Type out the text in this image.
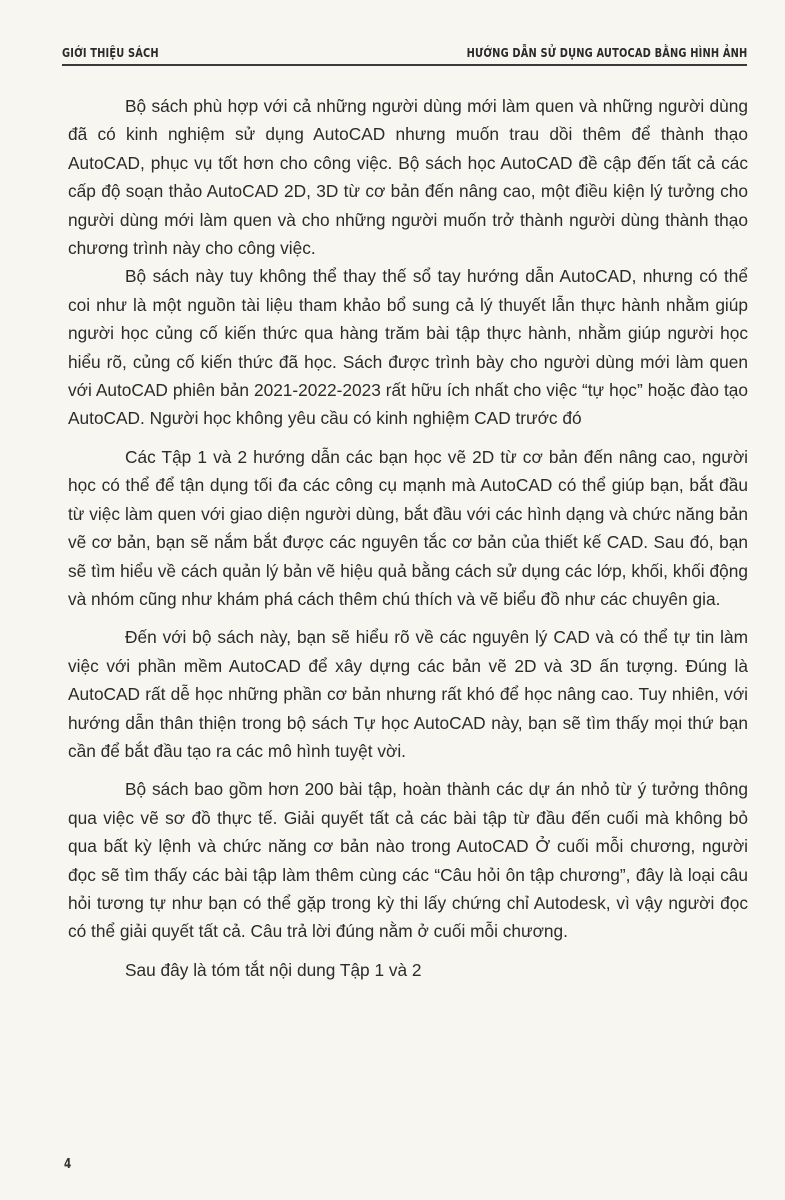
GIỚI THIỆU SÁCH	HƯỚNG DẪN SỬ DỤNG AUTOCAD BẰNG HÌNH ẢNH

Bộ sách phù hợp với cả những người dùng mới làm quen và những người dùng đã có kinh nghiệm sử dụng AutoCAD nhưng muốn trau dồi thêm để thành thạo AutoCAD, phục vụ tốt hơn cho công việc. Bộ sách học AutoCAD đề cập đến tất cả các cấp độ soạn thảo AutoCAD 2D, 3D từ cơ bản đến nâng cao, một điều kiện lý tưởng cho người dùng mới làm quen và cho những người muốn trở thành người dùng thành thạo chương trình này cho công việc.

Bộ sách này tuy không thể thay thế sổ tay hướng dẫn AutoCAD, nhưng có thể coi như là một nguồn tài liệu tham khảo bổ sung cả lý thuyết lẫn thực hành nhằm giúp người học củng cố kiến thức qua hàng trăm bài tập thực hành, nhằm giúp người học hiểu rõ, củng cố kiến thức đã học. Sách được trình bày cho người dùng mới làm quen với AutoCAD phiên bản 2021-2022-2023 rất hữu ích nhất cho việc “tự học” hoặc đào tạo AutoCAD. Người học không yêu cầu có kinh nghiệm CAD trước đó

Các Tập 1 và 2 hướng dẫn các bạn học vẽ 2D từ cơ bản đến nâng cao, người học có thể để tận dụng tối đa các công cụ mạnh mà AutoCAD có thể giúp bạn, bắt đầu từ việc làm quen với giao diện người dùng, bắt đầu với các hình dạng và chức năng bản vẽ cơ bản, bạn sẽ nắm bắt được các nguyên tắc cơ bản của thiết kế CAD. Sau đó, bạn sẽ tìm hiểu về cách quản lý bản vẽ hiệu quả bằng cách sử dụng các lớp, khối, khối động và nhóm cũng như khám phá cách thêm chú thích và vẽ biểu đồ như các chuyên gia.

Đến với bộ sách này, bạn sẽ hiểu rõ về các nguyên lý CAD và có thể tự tin làm việc với phần mềm AutoCAD để xây dựng các bản vẽ 2D và 3D ấn tượng. Đúng là AutoCAD rất dễ học những phần cơ bản nhưng rất khó để học nâng cao. Tuy nhiên, với hướng dẫn thân thiện trong bộ sách Tự học AutoCAD này, bạn sẽ tìm thấy mọi thứ bạn cần để bắt đầu tạo ra các mô hình tuyệt vời.

Bộ sách bao gồm hơn 200 bài tập, hoàn thành các dự án nhỏ từ ý tưởng thông qua việc vẽ sơ đồ thực tế. Giải quyết tất cả các bài tập từ đầu đến cuối mà không bỏ qua bất kỳ lệnh và chức năng cơ bản nào trong AutoCAD Ở cuối mỗi chương, người đọc sẽ tìm thấy các bài tập làm thêm cùng các “Câu hỏi ôn tập chương”, đây là loại câu hỏi tương tự như bạn có thể gặp trong kỳ thi lấy chứng chỉ Autodesk, vì vậy người đọc có thể giải quyết tất cả. Câu trả lời đúng nằm ở cuối mỗi chương.

Sau đây là tóm tắt nội dung Tập 1 và 2

4
